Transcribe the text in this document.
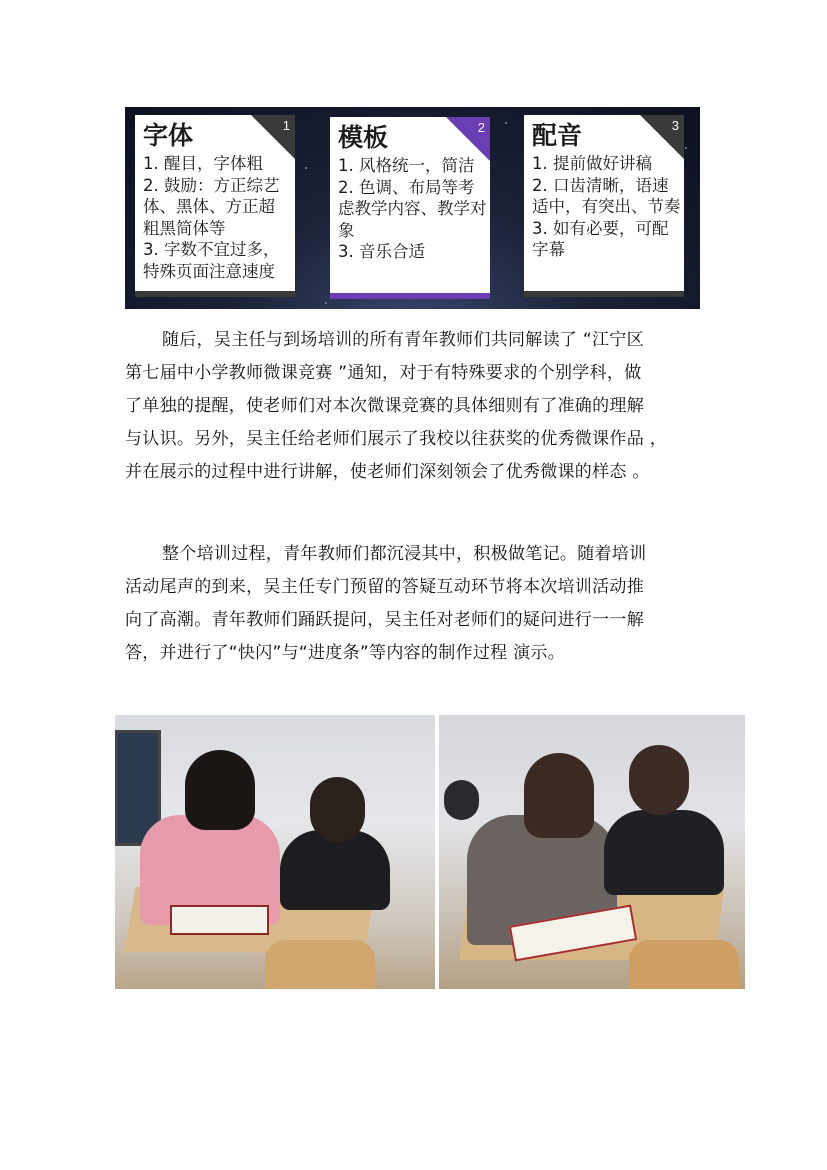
1
字体
1. 醒目，字体粗
2. 鼓励：方正综艺体、黑体、方正超粗黑简体等
3. 字数不宜过多，特殊页面注意速度
2
模板
1. 风格统一，简洁
2. 色调、布局等考虑教学内容、教学对象
3. 音乐合适
3
配音
1. 提前做好讲稿
2. 口齿清晰，语速适中，有突出、节奏
3. 如有必要，可配字幕
随后，吴主任与到场培训的所有青年教师们共同解读了 “江宁区
第七届中小学教师微课竞赛 ”通知，对于有特殊要求的个别学科，做
了单独的提醒，使老师们对本次微课竞赛的具体细则有了准确的理解
与认识。另外，吴主任给老师们展示了我校以往获奖的优秀微课作品 ，
并在展示的过程中进行讲解，使老师们深刻领会了优秀微课的样态 。
整个培训过程，青年教师们都沉浸其中，积极做笔记。随着培训
活动尾声的到来，吴主任专门预留的答疑互动环节将本次培训活动推
向了高潮。青年教师们踊跃提问，吴主任对老师们的疑问进行一一解
答，并进行了“快闪”与“进度条”等内容的制作过程 演示。
